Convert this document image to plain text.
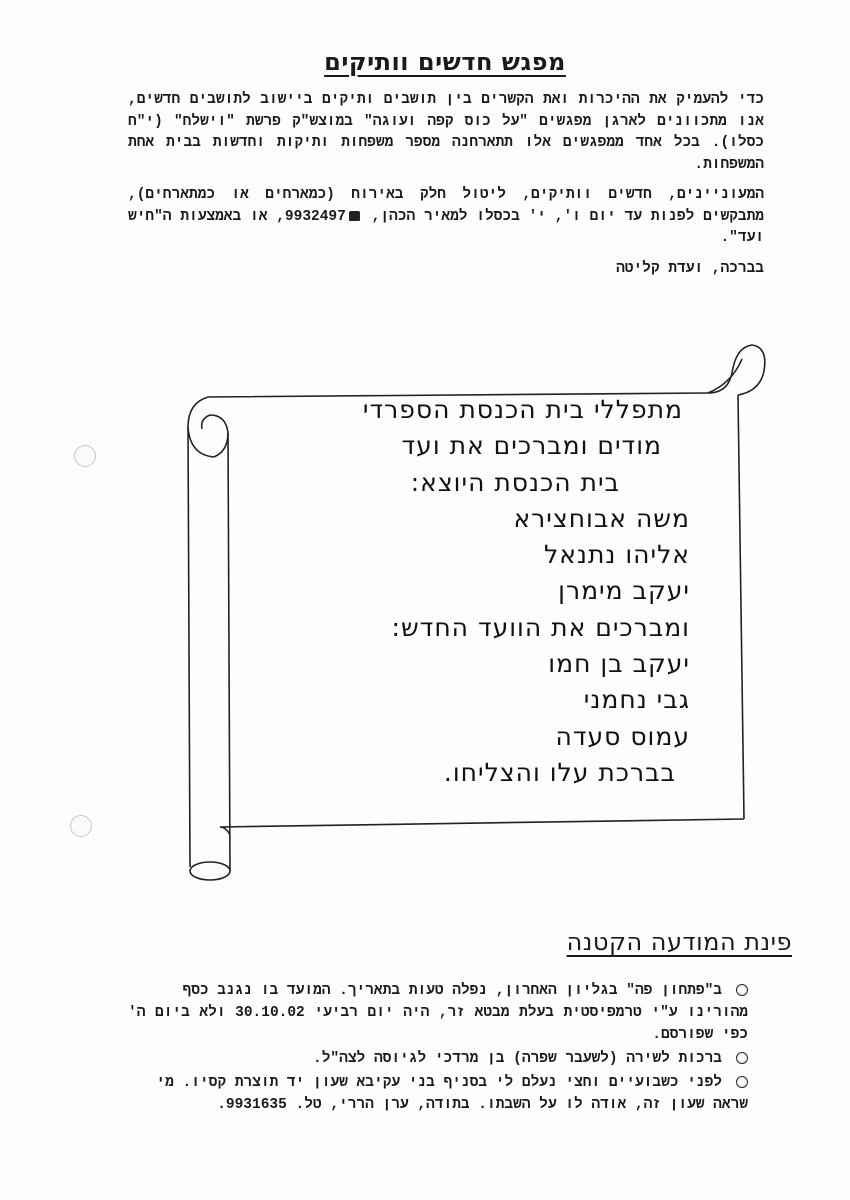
מפגש חדשים וותיקים

כדי להעמיק את ההיכרות ואת הקשרים בין תושבים ותיקים ביישוב לתושבים חדשים, אנו מתכוונים לארגן מפגשים "על כוס קפה ועוגה" במוצש"ק פרשת "וישלח" (י"ח כסלו). בכל אחד ממפגשים אלו תתארחנה מספר משפחות ותיקות וחדשות בבית אחת המשפחות.

המעוניינים, חדשים וותיקים, ליטול חלק באירוח (כמארחים או כמתארחים), מתבקשים לפנות עד יום ו', י' בכסלו למאיר הכהן, 9932497, או באמצעות ה"חיש ועד".

בברכה, ועדת קליטה

מתפללי בית הכנסת הספרדי
מודים ומברכים את ועד
בית הכנסת היוצא:
משה אבוחצירא
אליהו נתנאל
יעקב מימרן
ומברכים את הוועד החדש:
יעקב בן חמו
גבי נחמני
עמוס סעדה
בברכת עלו והצליחו.
פינת המודעה הקטנה
ב"פתחון פה" בגליון האחרון, נפלה טעות בתאריך. המועד בו נגנב כסף
מהורינו ע"י טרמפיסטית בעלת מבטא זר, היה יום רביעי 30.10.02 ולא ביום ה' כפי שפורסם.
ברכות לשירה (לשעבר שפרה) בן מרדכי לגיוסה לצה"ל.
לפני כשבועיים וחצי נעלם לי בסניף בני עקיבא שעון יד תוצרת קסיו. מי
שראה שעון זה, אודה לו על השבתו. בתודה, ערן הררי, טל. 9931635.
